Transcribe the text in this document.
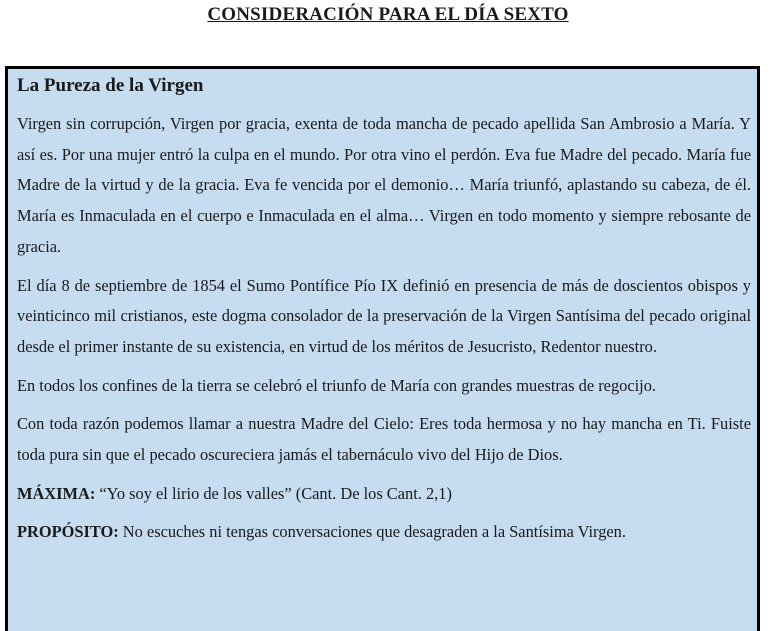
CONSIDERACIÓN PARA EL DÍA SEXTO
La Pureza de la Virgen

Virgen sin corrupción, Virgen por gracia, exenta de toda mancha de pecado apellida San Ambrosio a María. Y así es. Por una mujer entró la culpa en el mundo. Por otra vino el perdón. Eva fue Madre del pecado. María fue Madre de la virtud y de la gracia. Eva fe vencida por el demonio… María triunfó, aplastando su cabeza, de él. María es Inmaculada en el cuerpo e Inmaculada en el alma… Virgen en todo momento y siempre rebosante de gracia.

El día 8 de septiembre de 1854 el Sumo Pontífice Pío IX definió en presencia de más de doscientos obispos y veinticinco mil cristianos, este dogma consolador de la preservación de la Virgen Santísima del pecado original desde el primer instante de su existencia, en virtud de los méritos de Jesucristo, Redentor nuestro.

En todos los confines de la tierra se celebró el triunfo de María con grandes muestras de regocijo.

Con toda razón podemos llamar a nuestra Madre del Cielo: Eres toda hermosa y no hay mancha en Ti. Fuiste toda pura sin que el pecado oscureciera jamás el tabernáculo vivo del Hijo de Dios.

MÁXIMA: “Yo soy el lirio de los valles” (Cant. De los Cant. 2,1)

PROPÓSITO: No escuches ni tengas conversaciones que desagraden a la Santísima Virgen.
